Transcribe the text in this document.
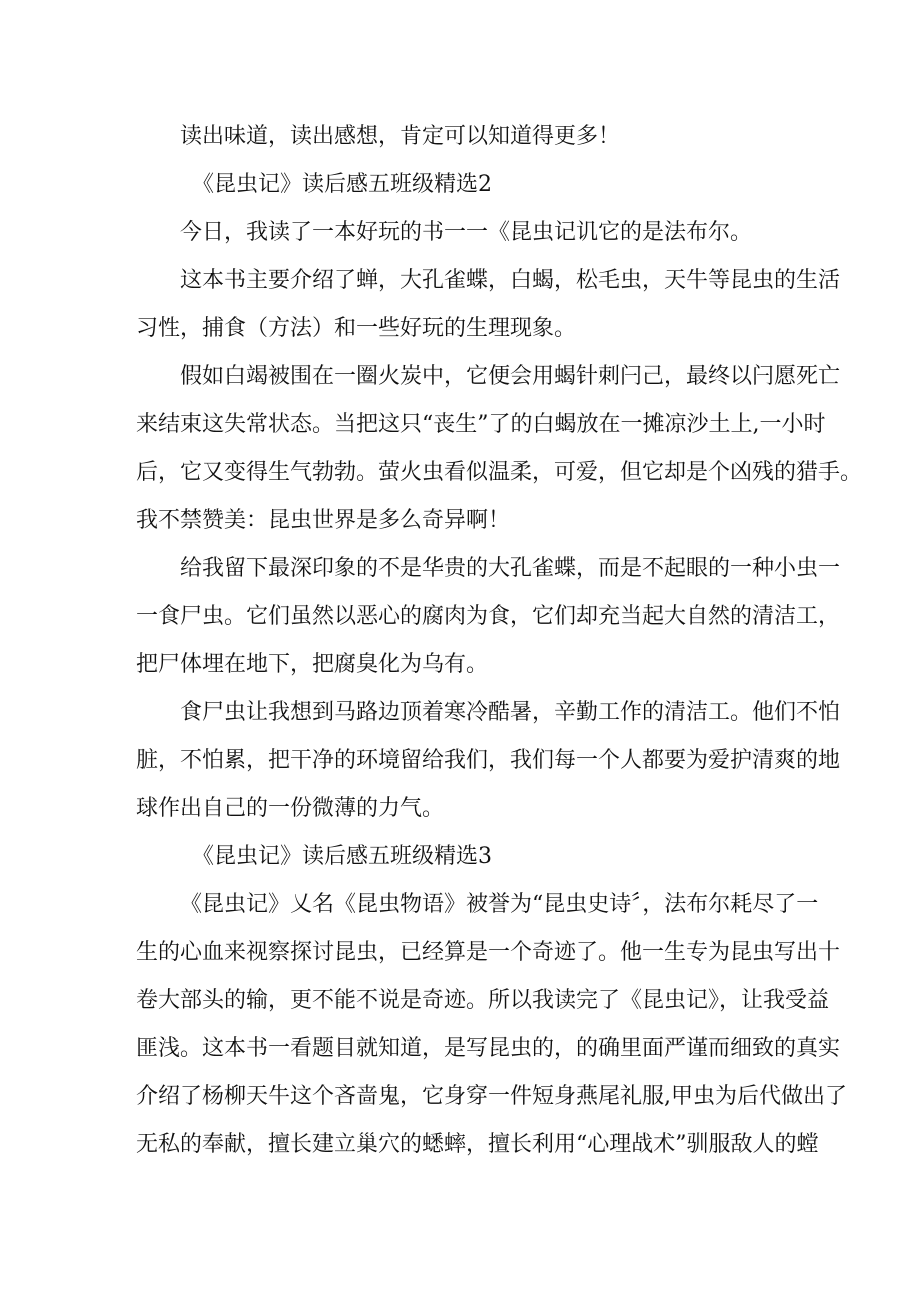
读出味道，读出感想，肯定可以知道得更多！
《昆虫记》读后感五班级精选2
今日，我读了一本好玩的书一一《昆虫记讥它的是法布尔。
这本书主要介绍了蝉，大孔雀蝶，白蝎，松毛虫，天牛等昆虫的生活
习性，捕食（方法）和一些好玩的生理现象。
假如白竭被围在一圈火炭中，它便会用蝎针刺闩己，最终以闩愿死亡
来结束这失常状态。当把这只“丧生”了的白蝎放在一摊凉沙土上,一小时
后，它又变得生气勃勃。萤火虫看似温柔，可爱，但它却是个凶残的猎手。
我不禁赞美：昆虫世界是多么奇异啊！
给我留下最深印象的不是华贵的大孔雀蝶，而是不起眼的一种小虫一
一食尸虫。它们虽然以恶心的腐肉为食，它们却充当起大自然的清洁工，
把尸体埋在地下，把腐臭化为乌有。
食尸虫让我想到马路边顶着寒冷酷暑，辛勤工作的清洁工。他们不怕
脏，不怕累，把干净的环境留给我们，我们每一个人都要为爱护清爽的地
球作出自己的一份微薄的力气。
《昆虫记》读后感五班级精选3
《昆虫记》乂名《昆虫物语》被誉为“昆虫史诗〞，法布尔耗尽了一
生的心血来视察探讨昆虫，已经算是一个奇迹了。他一生专为昆虫写出十
卷大部头的输，更不能不说是奇迹。所以我读完了《昆虫记》，让我受益
匪浅。这本书一看题目就知道，是写昆虫的，的确里面严谨而细致的真实
介绍了杨柳天牛这个吝啬鬼，它身穿一件短身燕尾礼服,甲虫为后代做出了
无私的奉献，擅长建立巢穴的蟋蟀，擅长利用“心理战术”驯服敌人的螳
